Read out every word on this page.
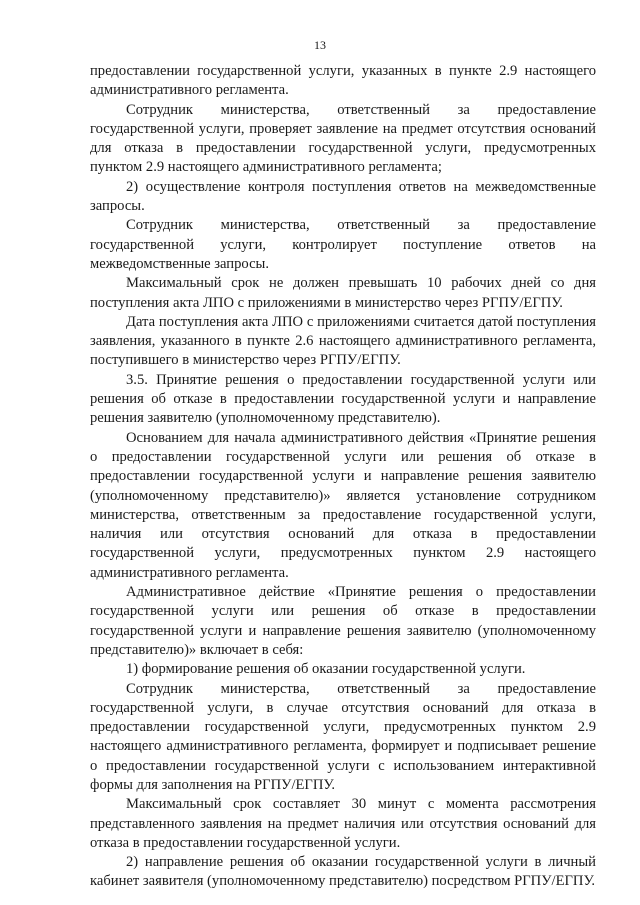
13

предоставлении государственной услуги, указанных в пункте 2.9 настоящего административного регламента.

Сотрудник министерства, ответственный за предоставление государственной услуги, проверяет заявление на предмет отсутствия оснований для отказа в предоставлении государственной услуги, предусмотренных пунктом 2.9 настоящего административного регламента;

2) осуществление контроля поступления ответов на межведомственные запросы.

Сотрудник министерства, ответственный за предоставление государственной услуги, контролирует поступление ответов на межведомственные запросы.

Максимальный срок не должен превышать 10 рабочих дней со дня поступления акта ЛПО с приложениями в министерство через РГПУ/ЕГПУ.

Дата поступления акта ЛПО с приложениями считается датой поступления заявления, указанного в пункте 2.6 настоящего административного регламента, поступившего в министерство через РГПУ/ЕГПУ.

3.5. Принятие решения о предоставлении государственной услуги или решения об отказе в предоставлении государственной услуги и направление решения заявителю (уполномоченному представителю).

Основанием для начала административного действия «Принятие решения о предоставлении государственной услуги или решения об отказе в предоставлении государственной услуги и направление решения заявителю (уполномоченному представителю)» является установление сотрудником министерства, ответственным за предоставление государственной услуги, наличия или отсутствия оснований для отказа в предоставлении государственной услуги, предусмотренных пунктом 2.9 настоящего административного регламента.

Административное действие «Принятие решения о предоставлении государственной услуги или решения об отказе в предоставлении государственной услуги и направление решения заявителю (уполномоченному представителю)» включает в себя:

1) формирование решения об оказании государственной услуги.

Сотрудник министерства, ответственный за предоставление государственной услуги, в случае отсутствия оснований для отказа в предоставлении государственной услуги, предусмотренных пунктом 2.9 настоящего административного регламента, формирует и подписывает решение о предоставлении государственной услуги с использованием интерактивной формы для заполнения на РГПУ/ЕГПУ.

Максимальный срок составляет 30 минут с момента рассмотрения представленного заявления на предмет наличия или отсутствия оснований для отказа в предоставлении государственной услуги.

2) направление решения об оказании государственной услуги в личный кабинет заявителя (уполномоченному представителю) посредством РГПУ/ЕГПУ.
